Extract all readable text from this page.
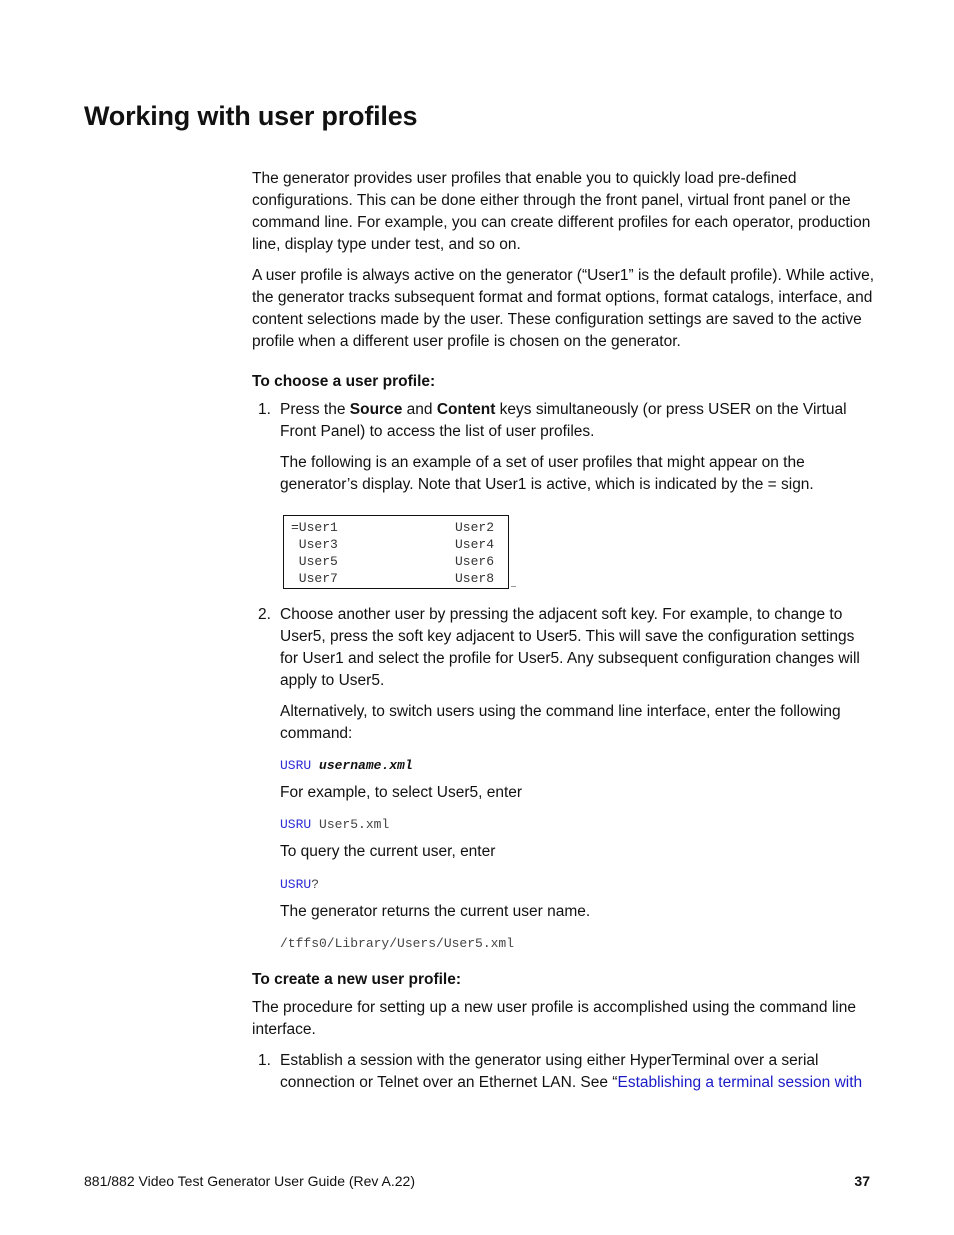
Working with user profiles

The generator provides user profiles that enable you to quickly load pre-defined configurations. This can be done either through the front panel, virtual front panel or the command line. For example, you can create different profiles for each operator, production line, display type under test, and so on.

A user profile is always active on the generator (“User1” is the default profile). While active, the generator tracks subsequent format and format options, format catalogs, interface, and content selections made by the user. These configuration settings are saved to the active profile when a different user profile is chosen on the generator.

To choose a user profile:

1. Press the Source and Content keys simultaneously (or press USER on the Virtual Front Panel) to access the list of user profiles.

The following is an example of a set of user profiles that might appear on the generator’s display. Note that User1 is active, which is indicated by the = sign.

=User1	User2
User3	User4
User5	User6
User7	User8
2. Choose another user by pressing the adjacent soft key. For example, to change to User5, press the soft key adjacent to User5. This will save the configuration settings for User1 and select the profile for User5. Any subsequent configuration changes will apply to User5.

Alternatively, to switch users using the command line interface, enter the following command:

USRU username.xml

For example, to select User5, enter

USRU User5.xml

To query the current user, enter

USRU?

The generator returns the current user name.

/tffs0/Library/Users/User5.xml

To create a new user profile:

The procedure for setting up a new user profile is accomplished using the command line interface.

1. Establish a session with the generator using either HyperTerminal over a serial connection or Telnet over an Ethernet LAN. See “Establishing a terminal session with

881/882 Video Test Generator User Guide (Rev A.22)	37
